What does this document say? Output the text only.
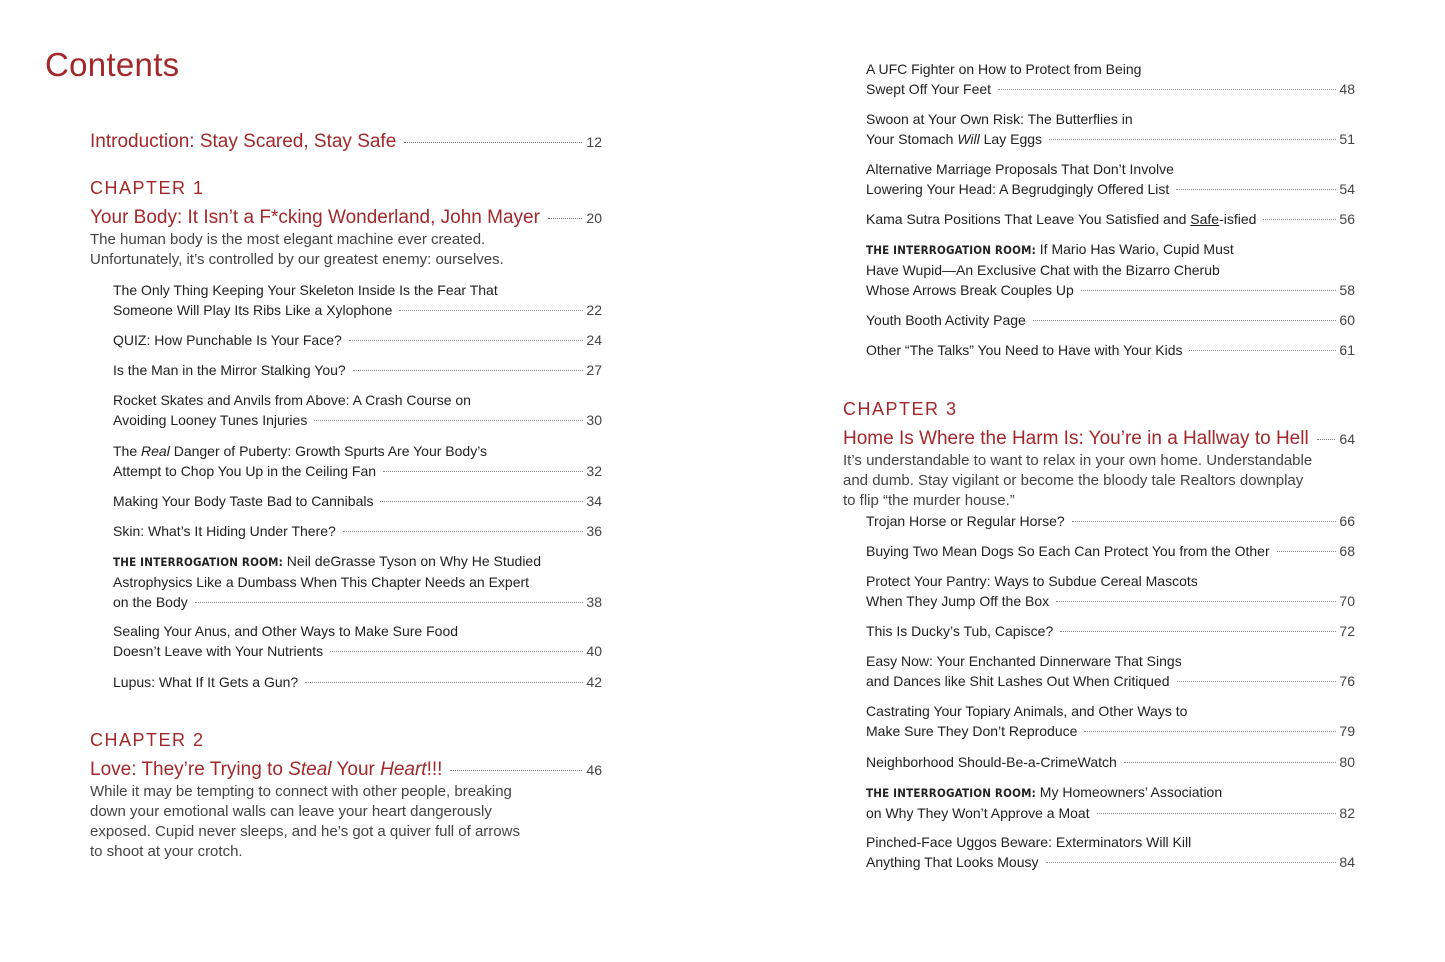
Contents
Introduction: Stay Scared, Stay Safe	12
CHAPTER 1
Your Body: It Isn’t a F*cking Wonderland, John Mayer	20
The human body is the most elegant machine ever created.
Unfortunately, it’s controlled by our greatest enemy: ourselves.
The Only Thing Keeping Your Skeleton Inside Is the Fear That
Someone Will Play Its Ribs Like a Xylophone	22
QUIZ: How Punchable Is Your Face?	24
Is the Man in the Mirror Stalking You?	27
Rocket Skates and Anvils from Above: A Crash Course on
Avoiding Looney Tunes Injuries	30
The Real Danger of Puberty: Growth Spurts Are Your Body’s
Attempt to Chop You Up in the Ceiling Fan	32
Making Your Body Taste Bad to Cannibals	34
Skin: What’s It Hiding Under There?	36
THE INTERROGATION ROOM: Neil deGrasse Tyson on Why He Studied
Astrophysics Like a Dumbass When This Chapter Needs an Expert
on the Body	38
Sealing Your Anus, and Other Ways to Make Sure Food
Doesn’t Leave with Your Nutrients	40
Lupus: What If It Gets a Gun?	42
CHAPTER 2
Love: They’re Trying to Steal Your Heart!!!	46
While it may be tempting to connect with other people, breaking
down your emotional walls can leave your heart dangerously
exposed. Cupid never sleeps, and he’s got a quiver full of arrows
to shoot at your crotch.
A UFC Fighter on How to Protect from Being
Swept Off Your Feet	48
Swoon at Your Own Risk: The Butterflies in
Your Stomach Will Lay Eggs	51
Alternative Marriage Proposals That Don’t Involve
Lowering Your Head: A Begrudgingly Offered List	54
Kama Sutra Positions That Leave You Satisfied and Safe-isfied	56
THE INTERROGATION ROOM: If Mario Has Wario, Cupid Must
Have Wupid—An Exclusive Chat with the Bizarro Cherub
Whose Arrows Break Couples Up	58
Youth Booth Activity Page	60
Other “The Talks” You Need to Have with Your Kids	61
CHAPTER 3
Home Is Where the Harm Is: You’re in a Hallway to Hell 64
It’s understandable to want to relax in your own home. Understandable
and dumb. Stay vigilant or become the bloody tale Realtors downplay
to flip “the murder house.”
Trojan Horse or Regular Horse?	66
Buying Two Mean Dogs So Each Can Protect You from the Other	68
Protect Your Pantry: Ways to Subdue Cereal Mascots
When They Jump Off the Box	70
This Is Ducky’s Tub, Capisce?	72
Easy Now: Your Enchanted Dinnerware That Sings
and Dances like Shit Lashes Out When Critiqued	76
Castrating Your Topiary Animals, and Other Ways to
Make Sure They Don’t Reproduce	79
Neighborhood Should-Be-a-CrimeWatch	80
THE INTERROGATION ROOM: My Homeowners’ Association
on Why They Won’t Approve a Moat	82
Pinched-Face Uggos Beware: Exterminators Will Kill
Anything That Looks Mousy	84
